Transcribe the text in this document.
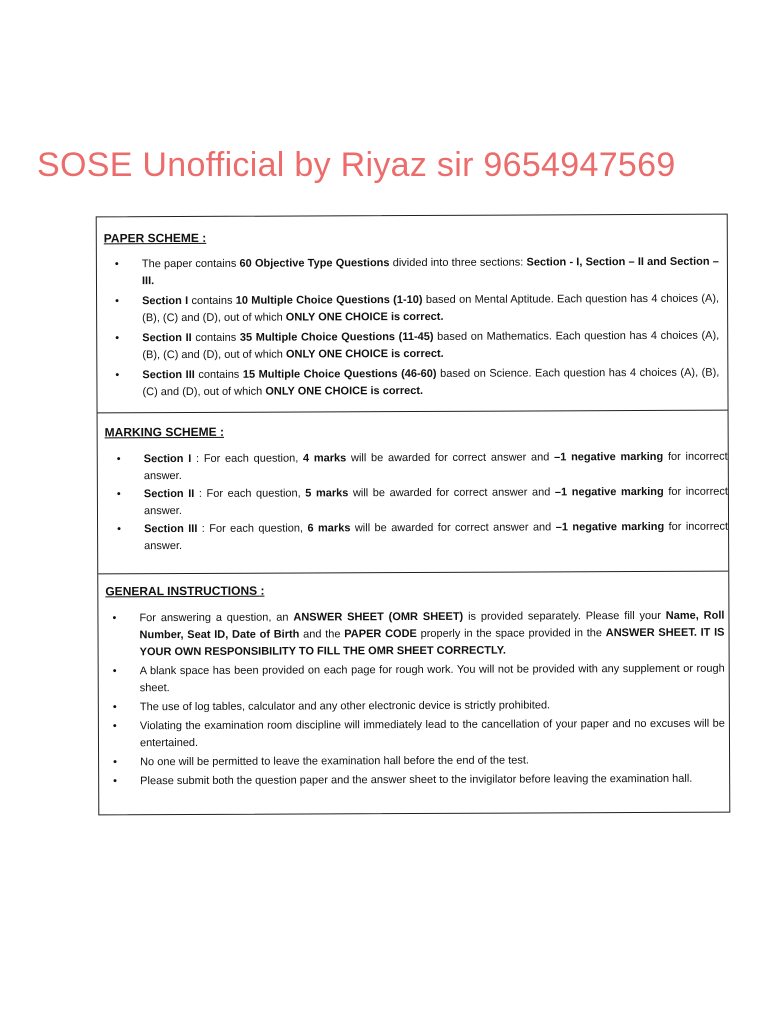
SOSE Unofficial by Riyaz sir 9654947569
PAPER SCHEME :
• The paper contains 60 Objective Type Questions divided into three sections: Section - I, Section – II and Section – III.
• Section I contains 10 Multiple Choice Questions (1-10) based on Mental Aptitude. Each question has 4 choices (A), (B), (C) and (D), out of which ONLY ONE CHOICE is correct.
• Section II contains 35 Multiple Choice Questions (11-45) based on Mathematics. Each question has 4 choices (A), (B), (C) and (D), out of which ONLY ONE CHOICE is correct.
• Section III contains 15 Multiple Choice Questions (46-60) based on Science. Each question has 4 choices (A), (B), (C) and (D), out of which ONLY ONE CHOICE is correct.
MARKING SCHEME :
• Section I : For each question, 4 marks will be awarded for correct answer and –1 negative marking for incorrect answer.
• Section II : For each question, 5 marks will be awarded for correct answer and –1 negative marking for incorrect answer.
• Section III : For each question, 6 marks will be awarded for correct answer and –1 negative marking for incorrect answer.
GENERAL INSTRUCTIONS :
• For answering a question, an ANSWER SHEET (OMR SHEET) is provided separately. Please fill your Name, Roll Number, Seat ID, Date of Birth and the PAPER CODE properly in the space provided in the ANSWER SHEET. IT IS YOUR OWN RESPONSIBILITY TO FILL THE OMR SHEET CORRECTLY.
• A blank space has been provided on each page for rough work. You will not be provided with any supplement or rough sheet.
• The use of log tables, calculator and any other electronic device is strictly prohibited.
• Violating the examination room discipline will immediately lead to the cancellation of your paper and no excuses will be entertained.
• No one will be permitted to leave the examination hall before the end of the test.
• Please submit both the question paper and the answer sheet to the invigilator before leaving the examination hall.
